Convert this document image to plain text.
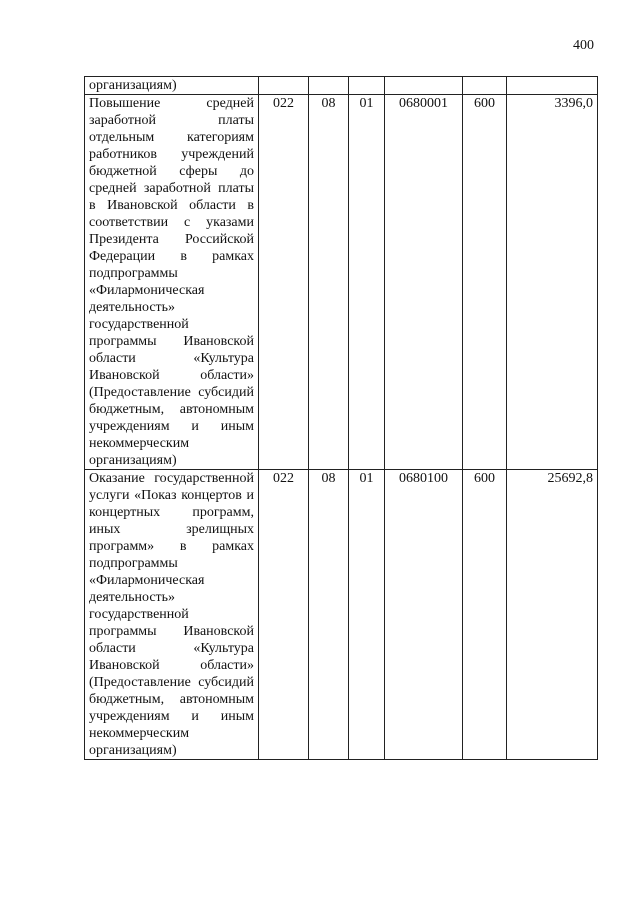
400
организациям)						
Повышение средней заработной платы отдельным категориям работников учреждений бюджетной сферы до средней заработной платы в Ивановской области в соответствии с указами Президента Российской Федерации в рамках подпрограммы «Филармоническая деятельность» государственной программы Ивановской области «Культура Ивановской области» (Предоставление субсидий бюджетным, автономным учреждениям и иным некоммерческим организациям)	022	08	01	0680001	600	3396,0
Оказание государственной услуги «Показ концертов и концертных программ, иных зрелищных программ» в рамках подпрограммы «Филармоническая деятельность» государственной программы Ивановской области «Культура Ивановской области» (Предоставление субсидий бюджетным, автономным учреждениям и иным некоммерческим организациям)	022	08	01	0680100	600	25692,8
